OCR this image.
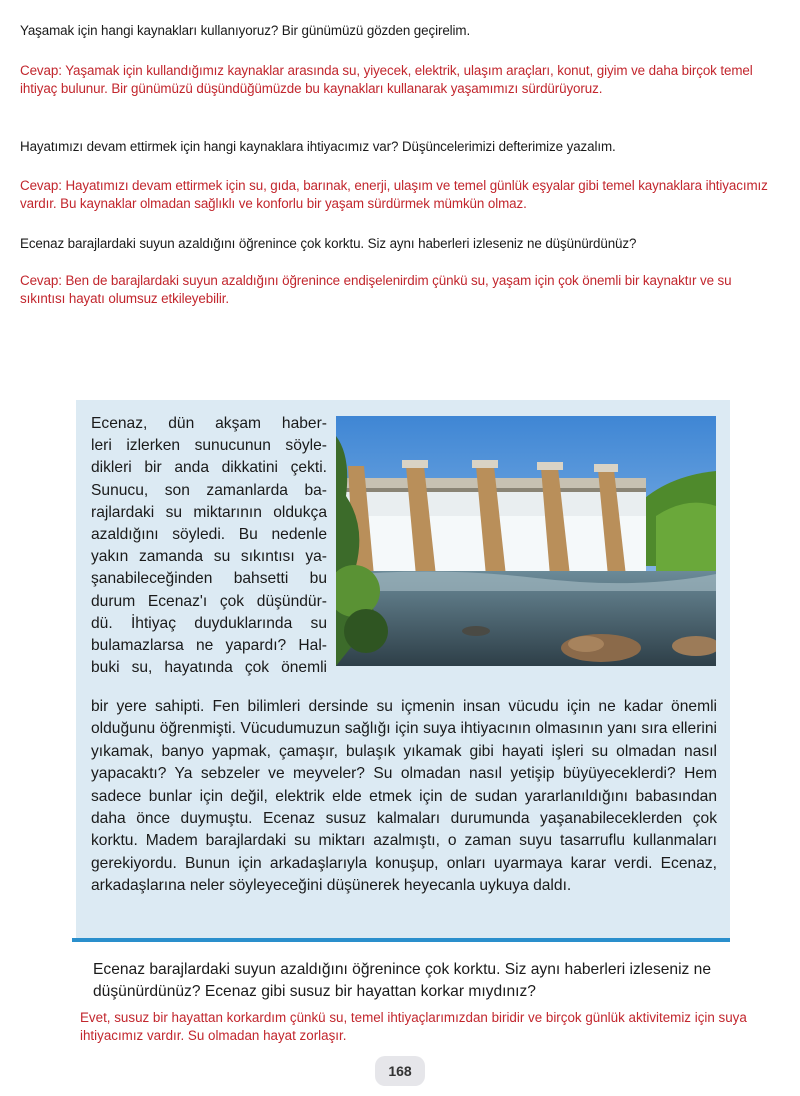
Yaşamak için hangi kaynakları kullanıyoruz? Bir günümüzü gözden geçirelim.
Cevap: Yaşamak için kullandığımız kaynaklar arasında su, yiyecek, elektrik, ulaşım araçları, konut, giyim ve daha birçok temel ihtiyaç bulunur. Bir günümüzü düşündüğümüzde bu kaynakları kullanarak yaşamımızı sürdürüyoruz.
Hayatımızı devam ettirmek için hangi kaynaklara ihtiyacımız var? Düşüncelerimizi defterimize yazalım.
Cevap: Hayatımızı devam ettirmek için su, gıda, barınak, enerji, ulaşım ve temel günlük eşyalar gibi temel kaynaklara ihtiyacımız vardır. Bu kaynaklar olmadan sağlıklı ve konforlu bir yaşam sürdürmek mümkün olmaz.
Ecenaz barajlardaki suyun azaldığını öğrenince çok korktu. Siz aynı haberleri izleseniz ne düşünürdünüz?
Cevap: Ben de barajlardaki suyun azaldığını öğrenince endişelenirdim çünkü su, yaşam için çok önemli bir kaynaktır ve su sıkıntısı hayatı olumsuz etkileyebilir.
Ecenaz, dün akşam haber-
leri izlerken sunucunun söyle-
dikleri bir anda dikkatini çekti.
Sunucu, son zamanlarda ba-
rajlardaki su miktarının oldukça
azaldığını söyledi. Bu nedenle
yakın zamanda su sıkıntısı ya-
şanabileceğinden bahsetti bu
durum Ecenaz'ı çok düşündür-
dü. İhtiyaç duyduklarında su
bulamazlarsa ne yapardı? Hal-
buki su, hayatında çok önemli
bir yere sahipti. Fen bilimleri dersinde su içmenin insan vücudu için ne kadar önemli olduğunu öğrenmişti. Vücudumuzun sağlığı için suya ihtiyacının olmasının yanı sıra ellerini yıkamak, banyo yapmak, çamaşır, bulaşık yıkamak gibi hayati işleri su olmadan nasıl yapacaktı? Ya sebzeler ve meyveler? Su olmadan nasıl yetişip büyüyeceklerdi? Hem sadece bunlar için değil, elektrik elde etmek için de sudan yararlanıldığını babasından daha önce duymuştu. Ecenaz susuz kalmaları durumunda yaşanabileceklerden çok korktu. Madem barajlardaki su miktarı azalmıştı, o zaman suyu tasarruflu kullanmaları gerekiyordu. Bunun için arkadaşlarıyla konuşup, onları uyarmaya karar verdi. Ecenaz, arkadaşlarına neler söyleyeceğini düşünerek heyecanla uykuya daldı.
Ecenaz barajlardaki suyun azaldığını öğrenince çok korktu. Siz aynı haberleri izleseniz ne düşünürdünüz? Ecenaz gibi susuz bir hayattan korkar mıydınız?
Evet, susuz bir hayattan korkardım çünkü su, temel ihtiyaçlarımızdan biridir ve birçok günlük aktivitemiz için suya ihtiyacımız vardır. Su olmadan hayat zorlaşır.
168
